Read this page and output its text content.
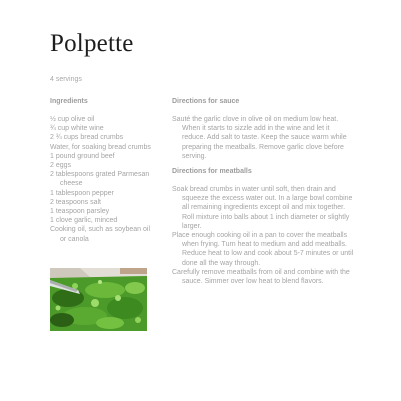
Polpette
4 servings
Ingredients
½ cup olive oil
¾ cup white wine
2 ¾ cups bread crumbs
Water, for soaking bread crumbs
1 pound ground beef
2 eggs
2 tablespoons grated Parmesan cheese
1 tablespoon pepper
2 teaspoons salt
1 teaspoon parsley
1 clove garlic, minced
Cooking oil, such as soybean oil or canola
Directions for sauce
Sauté the garlic clove in olive oil on medium low heat. When it starts to sizzle add in the wine and let it reduce. Add salt to taste. Keep the sauce warm while preparing the meatballs. Remove garlic clove before serving.
Directions for meatballs
Soak bread crumbs in water until soft, then drain and squeeze the excess water out. In a large bowl combine all remaining ingredients except oil and mix together. Roll mixture into balls about 1 inch diameter or slightly larger.
Place enough cooking oil in a pan to cover the meatballs when frying. Turn heat to medium and add meatballs. Reduce heat to low and cook about 5-7 minutes or until done all the way through.
Carefully remove meatballs from oil and combine with the sauce. Simmer over low heat to blend flavors.
